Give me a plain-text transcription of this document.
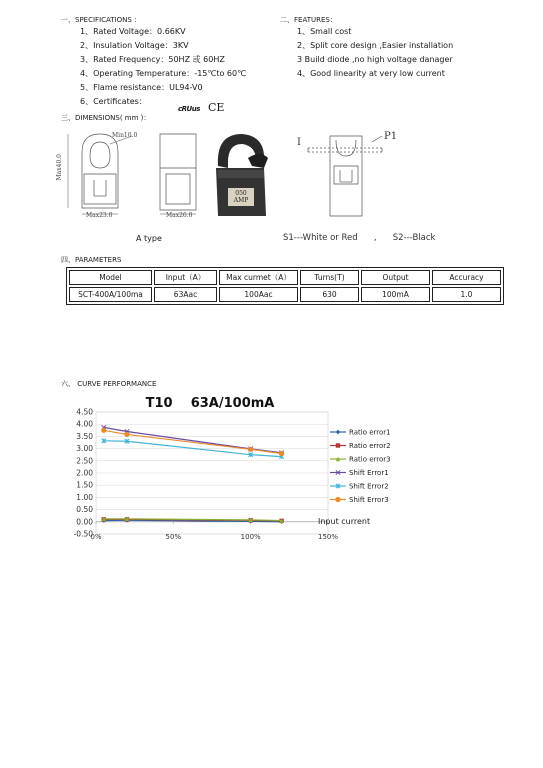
一、SPECIFICATIONS ：
1、Rated Voltage：0.66KV
2、Insulation Voltage：3KV
3、Rated Frequency：50HZ 或 60HZ
4、Operating Temperature：-15℃to 60℃
5、Flame resistance：UL94-V0
6、Certificates：
cRUus CE
二、FEATURES：
1、Small cost
2、Split core design ,Easier installation
3 Build diode ,no high voltage danager
4、Good linearity at very low current
三、DIMENSIONS( mm )：
Min10.0
Max40.0
Max23.0	Max26.0
050
AMP
I
P1
A type	S1---White or Red      ,      S2---Black
四、PARAMETERS
Model	Input（A）	Max curmet（A）	Turns(T)	Output	Accuracy
SCT-400A/100ma	63Aac	100Aac	630	100mA	1.0
六、 CURVE PERFORMANCE
-0.50
0.00
0.50
1.00
1.50
2.00
2.50
3.00
3.50
4.00
4.50
0%	50%	100%	150%
T10    63A/100mA
Input current
Ratio error1
Ratio error2
Ratio error3
Shift Error1
Shift Error2
Shift Error3
